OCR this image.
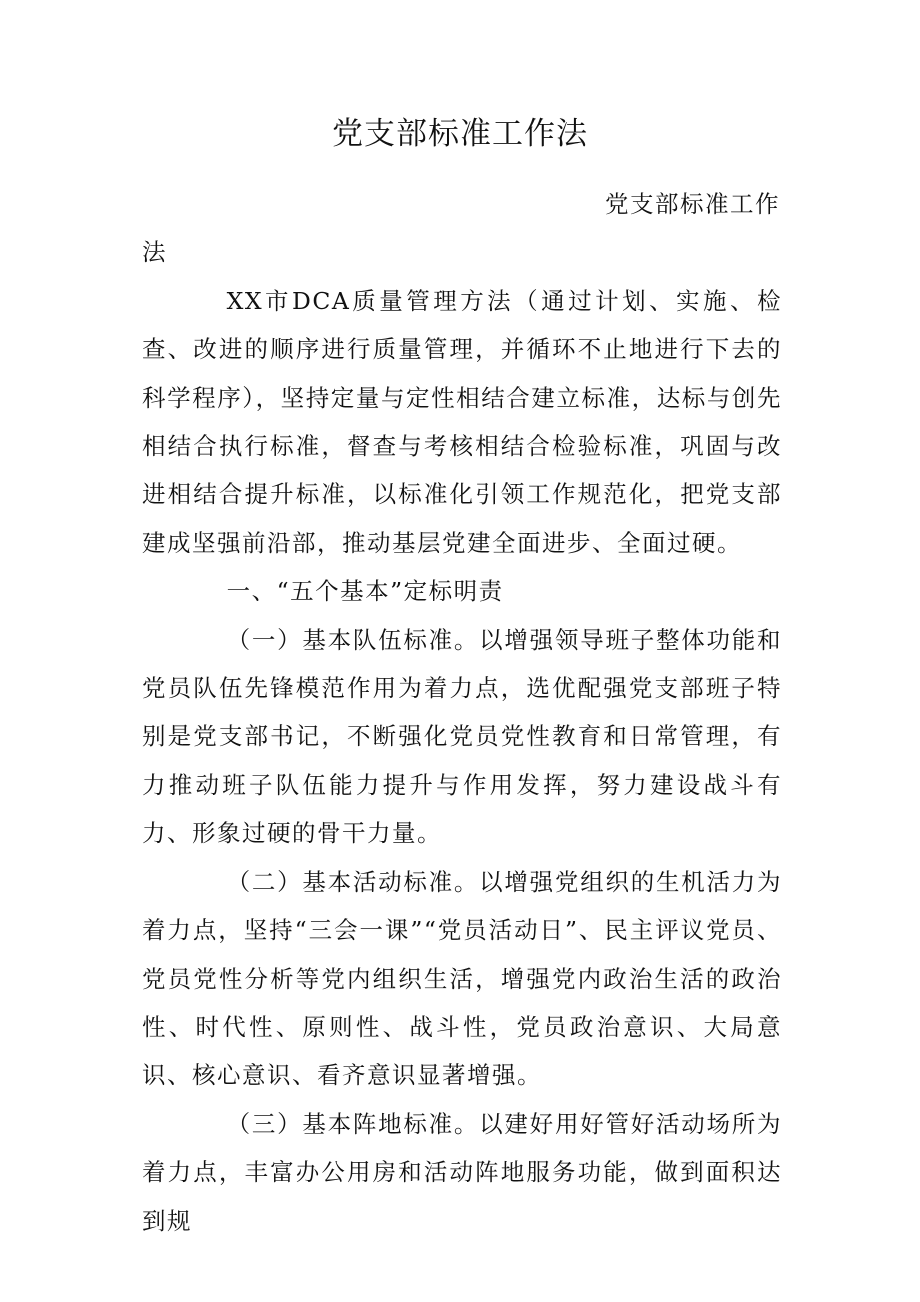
党支部标准工作法

党支部标准工作

法

XX市DCA质量管理方法（通过计划、实施、检查、改进的顺序进行质量管理，并循环不止地进行下去的科学程序），坚持定量与定性相结合建立标准，达标与创先相结合执行标准，督查与考核相结合检验标准，巩固与改进相结合提升标准，以标准化引领工作规范化，把党支部建成坚强前沿部，推动基层党建全面进步、全面过硬。

一、“五个基本”定标明责

（一）基本队伍标准。以增强领导班子整体功能和党员队伍先锋模范作用为着力点，选优配强党支部班子特别是党支部书记，不断强化党员党性教育和日常管理，有力推动班子队伍能力提升与作用发挥，努力建设战斗有力、形象过硬的骨干力量。

（二）基本活动标准。以增强党组织的生机活力为着力点，坚持“三会一课”“党员活动日”、民主评议党员、党员党性分析等党内组织生活，增强党内政治生活的政治性、时代性、原则性、战斗性，党员政治意识、大局意识、核心意识、看齐意识显著增强。

（三）基本阵地标准。以建好用好管好活动场所为着力点，丰富办公用房和活动阵地服务功能，做到面积达到规
